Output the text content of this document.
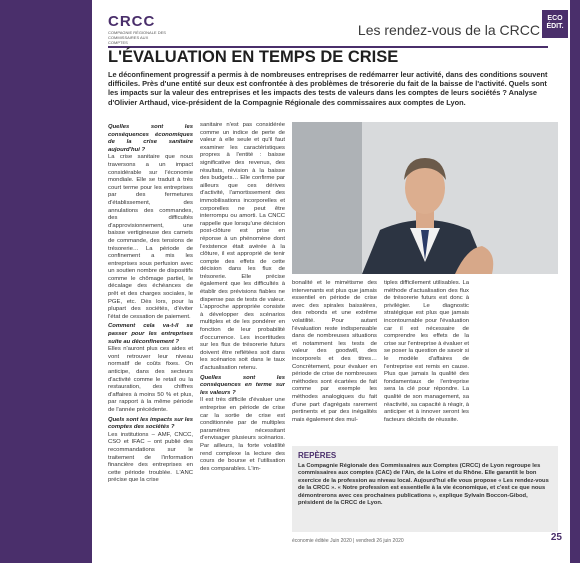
CRCC
COMPAGNIE RÉGIONALE DES COMMISSAIRES AUX COMPTES
Les rendez-vous de la CRCC
ECO
ÉDIT.
L'ÉVALUATION EN TEMPS DE CRISE

Le déconfinement progressif a permis à de nombreuses entreprises de redémarrer leur activité, dans des conditions souvent difficiles. Près d'une entité sur deux est confrontée à des problèmes de trésorerie du fait de la baisse de l'activité. Quels sont les impacts sur la valeur des entreprises et les impacts des tests de valeurs dans les comptes de leurs sociétés ? Analyse d'Olivier Arthaud, vice-président de la Compagnie Régionale des commissaires aux comptes de Lyon.

Quelles sont les conséquences économiques de la crise sanitaire aujourd'hui ?
La crise sanitaire que nous traversons a un impact considérable sur l'économie mondiale. Elle se traduit à très court terme pour les entreprises par des fermetures d'établissement, des annulations des commandes, des difficultés d'approvisionnement, une baisse vertigineuse des carnets de commande, des tensions de trésorerie… La période de confinement a mis les entreprises sous perfusion avec un soutien nombre de dispositifs comme le chômage partiel, le décalage des échéances de prêt et des charges sociales, le PGE, etc. Dès lors, pour la plupart des sociétés, d'éviter l'état de cessation de paiement.
Comment cela va-t-il se passer pour les entreprises suite au déconfinement ?
Elles n'auront plus ces aides et vont retrouver leur niveau normatif de coûts fixes. On anticipe, dans des secteurs d'activité comme le retail ou la restauration, des chiffres d'affaires à moins 50 % et plus, par rapport à la même période de l'année précédente.
Quels sont les impacts sur les comptes des sociétés ?
Les institutions – AMF, CNCC, CSO et IFAC – ont publié des recommandations sur le traitement de l'information financière des entreprises en cette période troublée. L'ANC précise que la crise
sanitaire n'est pas considérée comme un indice de perte de valeur à elle seule et qu'il faut examiner les caractéristiques propres à l'entité : baisse significative des revenus, des résultats, révision à la baisse des budgets… Elle confirme par ailleurs que ces dérives d'activité, l'amortissement des immobilisations incorporelles et corporelles ne peut être interrompu ou amorti. La CNCC rappelle que lorsqu'une décision post-clôture est prise en réponse à un phénomène dont l'existence était avérée à la clôture, il est approprié de tenir compte des effets de cette décision dans les flux de trésorerie. Elle précise également que les difficultés à établir des prévisions fiables ne dispense pas de tests de valeur. L'approche appropriée consiste à développer des scénarios multiples et de les pondérer en fonction de leur probabilité d'occurrence. Les incertitudes sur les flux de trésorerie futurs doivent être reflétées soit dans les scénarios soit dans le taux d'actualisation retenu.
Quelles sont les conséquences en terme sur les valeurs ?
Il est très difficile d'évaluer une entreprise en période de crise car la sortie de crise est conditionnée par de multiples paramètres nécessitant d'envisager plusieurs scénarios. Par ailleurs, la forte volatilité rend complexe la lecture des cours de bourse et l'utilisation des comparables. L'im-
bonalité et le mimétisme des intervenants est plus que jamais essentiel en période de crise avec des spirales baissières, des rebonds et une extrême volatilité. Pour autant l'évaluation reste indispensable dans de nombreuses situations et notamment les tests de valeur des goodwill, des incorporels et des titres… Concrètement, pour évaluer en période de crise de nombreuses méthodes sont écartées de fait comme par exemple les méthodes analogiques du fait d'une part d'agrégats rarement pertinents et par des inégalités mais également des mul-
tiples difficilement utilisables. La méthode d'actualisation des flux de trésorerie futurs est donc à privilégier. Le diagnostic stratégique est plus que jamais incontournable pour l'évaluation car il est nécessaire de comprendre les effets de la crise sur l'entreprise à évaluer et se poser la question de savoir si le modèle d'affaires de l'entreprise est remis en cause. Plus que jamais la qualité des fondamentaux de l'entreprise sera la clé pour répondre. La qualité de son management, sa réactivité, sa capacité à réagir, à anticiper et à innover seront les facteurs décisifs de réussite.
REPÈRES
La Compagnie Régionale des Commissaires aux Comptes (CRCC) de Lyon regroupe les commissaires aux comptes (CAC) de l'Ain, de la Loire et du Rhône. Elle garantit le bon exercice de la profession au niveau local. Aujourd'hui elle vous propose « Les rendez-vous de la CRCC ». « Notre profession est essentielle à la vie économique, et c'est ce que nous démontrerons avec ces prochaines publications », explique Sylvain Boccon-Gibod, président de la CRCC de Lyon.
économie éditée Juin 2020 | vendredi 26 juin 2020	25
